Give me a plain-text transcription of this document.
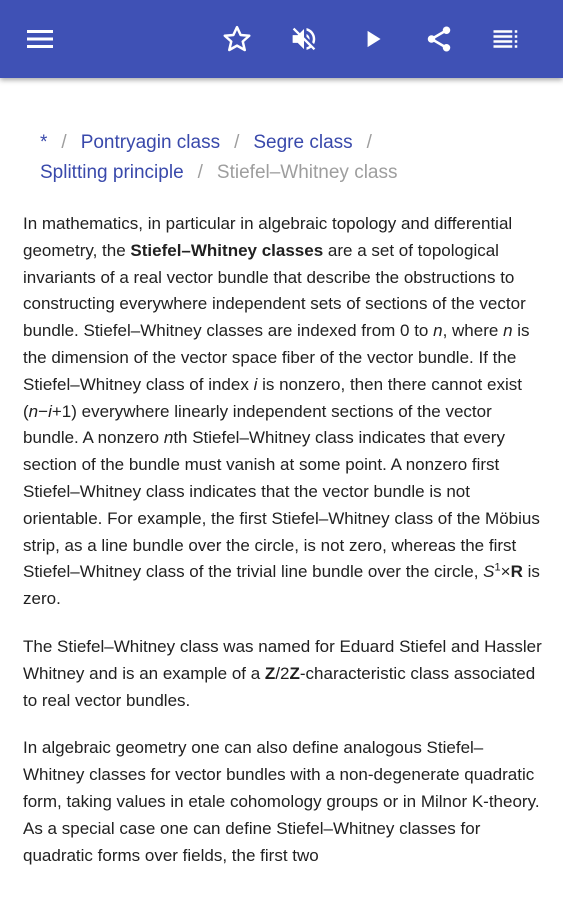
* / Pontryagin class / Segre class /
Splitting principle / Stiefel–Whitney class

In mathematics, in particular in algebraic topology and differential geometry, the Stiefel–Whitney classes are a set of topological invariants of a real vector bundle that describe the obstructions to constructing everywhere independent sets of sections of the vector bundle. Stiefel–Whitney classes are indexed from 0 to n, where n is the dimension of the vector space fiber of the vector bundle. If the Stiefel–Whitney class of index i is nonzero, then there cannot exist (n−i+1) everywhere linearly independent sections of the vector bundle. A nonzero nth Stiefel–Whitney class indicates that every section of the bundle must vanish at some point. A nonzero first Stiefel–Whitney class indicates that the vector bundle is not orientable. For example, the first Stiefel–Whitney class of the Möbius strip, as a line bundle over the circle, is not zero, whereas the first Stiefel–Whitney class of the trivial line bundle over the circle, $S^1\times R$ is zero.

The Stiefel–Whitney class was named for Eduard Stiefel and Hassler Whitney and is an example of a Z/2Z-characteristic class associated to real vector bundles.

In algebraic geometry one can also define analogous Stiefel–Whitney classes for vector bundles with a non-degenerate quadratic form, taking values in etale cohomology groups or in Milnor K-theory. As a special case one can define Stiefel–Whitney classes for quadratic forms over fields, the first two
